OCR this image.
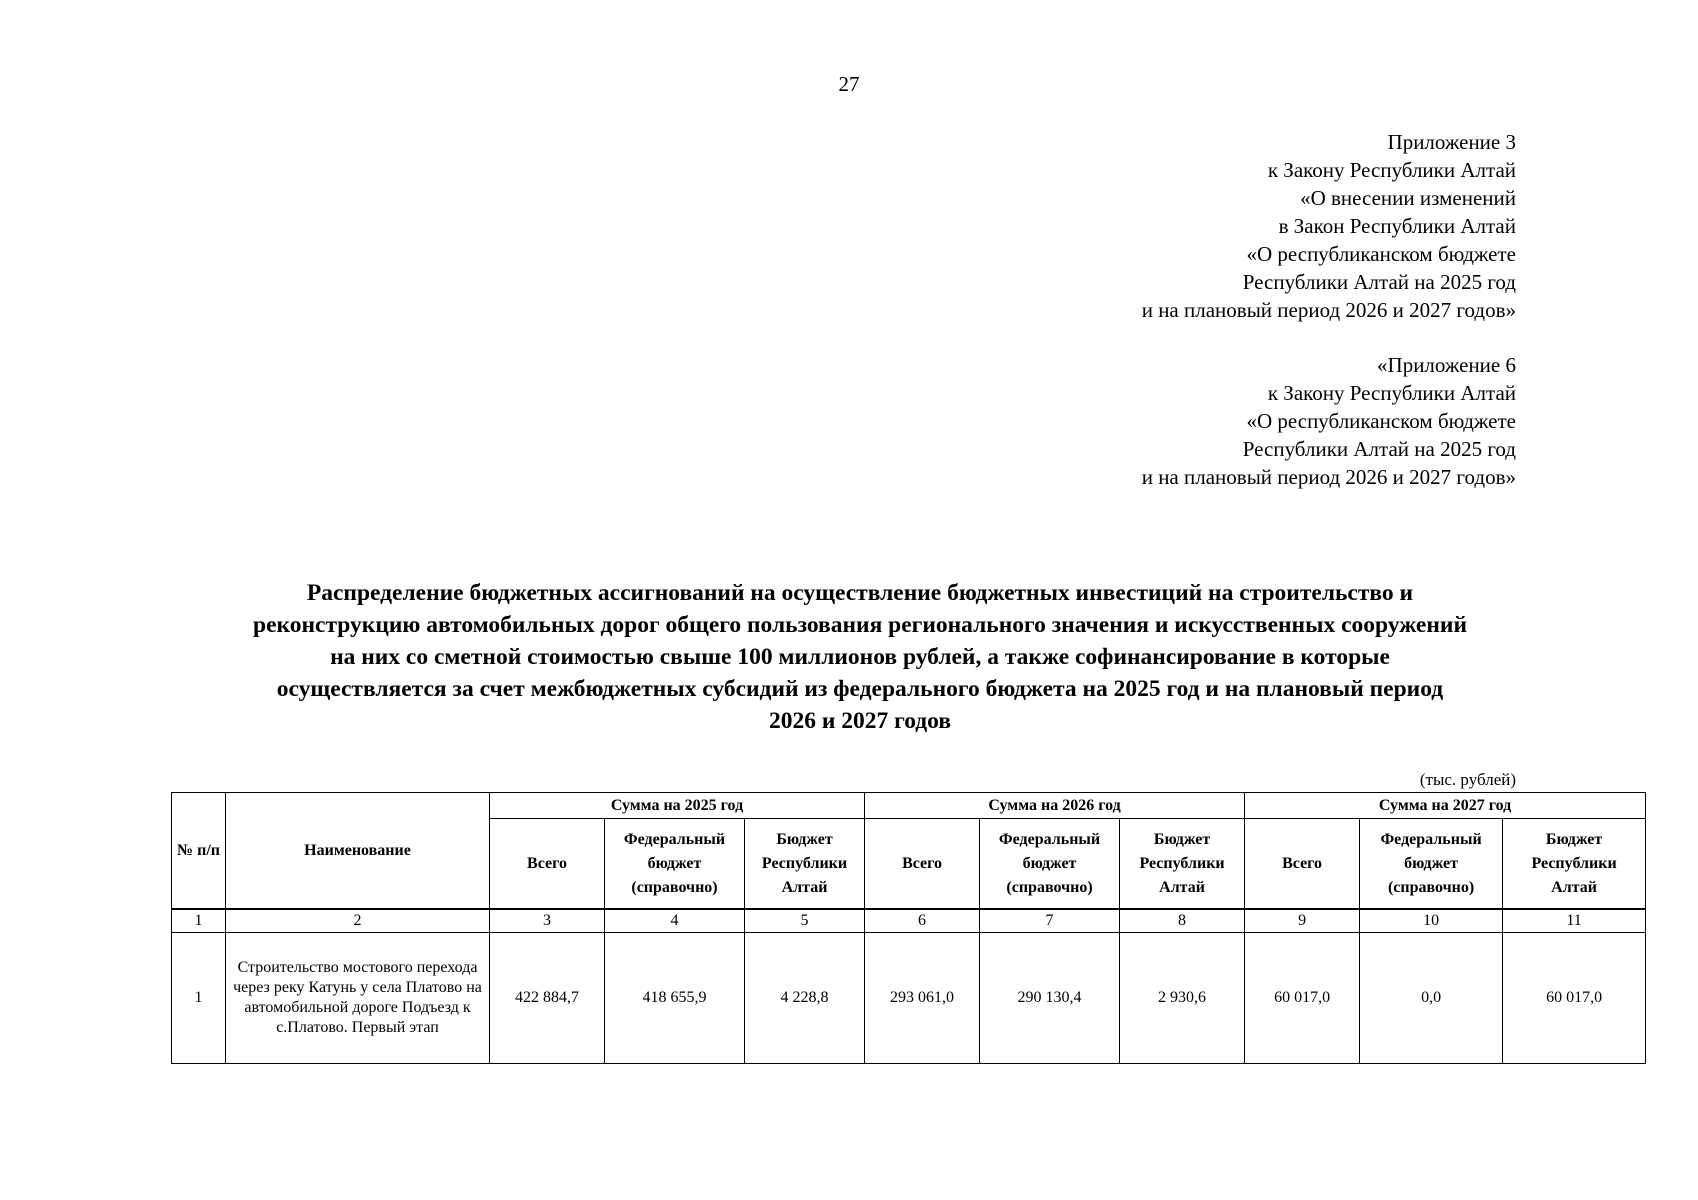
27
Приложение 3
к Закону Республики Алтай
«О внесении изменений
в Закон Республики Алтай
«О республиканском бюджете
Республики Алтай на 2025 год
и на плановый период 2026 и 2027 годов»
«Приложение 6
к Закону Республики Алтай
«О республиканском бюджете
Республики Алтай на 2025 год
и на плановый период 2026 и 2027 годов»
Распределение бюджетных ассигнований на осуществление бюджетных инвестиций на строительство и
реконструкцию автомобильных дорог общего пользования регионального значения и искусственных сооружений
на них со сметной стоимостью свыше 100 миллионов рублей, а также софинансирование в которые
осуществляется за счет межбюджетных субсидий из федерального бюджета на 2025 год и на плановый период
2026 и 2027 годов
(тыс. рублей)
№ п/п	Наименование	Сумма на 2025 год			Сумма на 2026 год			Сумма на 2027 год		
		Всего	Федеральный бюджет (справочно)	Бюджет Республики Алтай	Всего	Федеральный бюджет (справочно)	Бюджет Республики Алтай	Всего	Федеральный бюджет (справочно)	Бюджет Республики Алтай
1	2	3	4	5	6	7	8	9	10	11
1	Строительство мостового перехода через реку Катунь у села Платово на автомобильной дороге Подъезд к с.Платово. Первый этап	422 884,7	418 655,9	4 228,8	293 061,0	290 130,4	2 930,6	60 017,0	0,0	60 017,0
